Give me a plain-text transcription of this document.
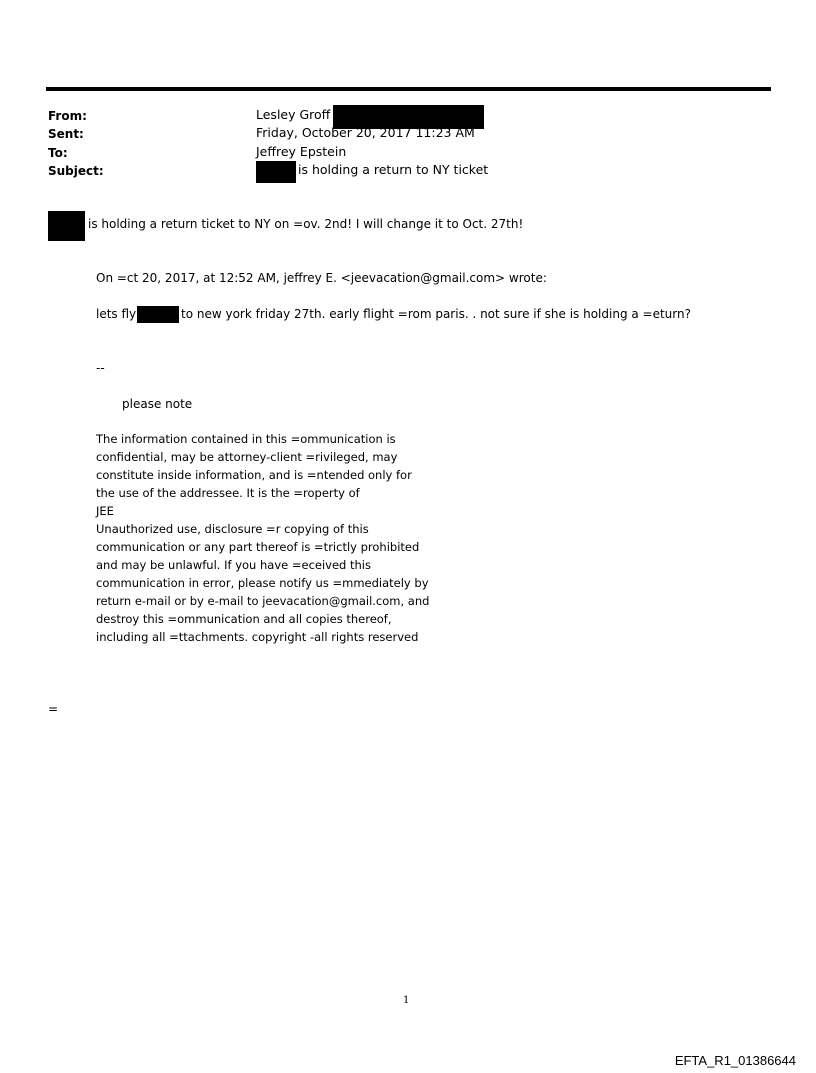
From:	Lesley Groff
Sent:	Friday, October 20, 2017 11:23 AM
To:	Jeffrey Epstein
Subject:	is holding a return to NY ticket
is holding a return ticket to NY on =ov. 2nd! I will change it to Oct. 27th!
On =ct 20, 2017, at 12:52 AM, jeffrey E. <jeevacation@gmail.com> wrote:
lets fly	to new york friday 27th. early flight =rom paris. . not sure if she is holding a =eturn?
--
please note
The information contained in this =ommunication is
confidential, may be attorney-client =rivileged, may
constitute inside information, and is =ntended only for
the use of the addressee. It is the =roperty of
JEE
Unauthorized use, disclosure =r copying of this
communication or any part thereof is =trictly prohibited
and may be unlawful. If you have =eceived this
communication in error, please notify us =mmediately by
return e-mail or by e-mail to jeevacation@gmail.com, and
destroy this =ommunication and all copies thereof,
including all =ttachments. copyright -all rights reserved
=
1
EFTA_R1_01386644
